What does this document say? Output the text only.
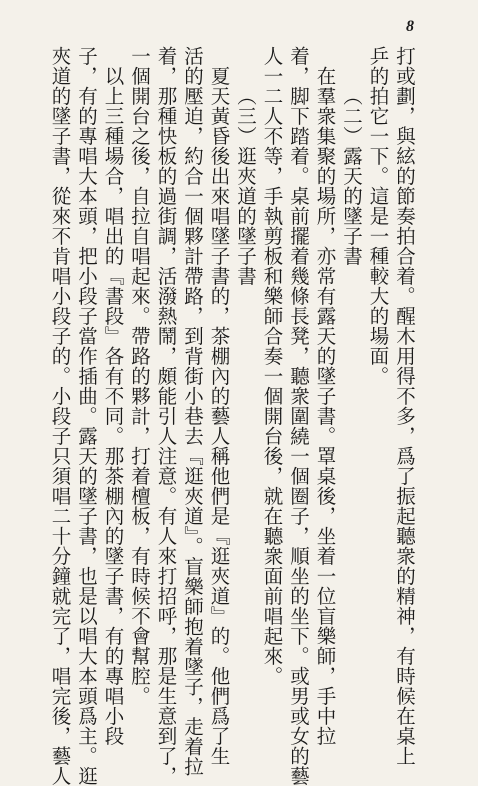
8
打或劃，與絃的節奏拍合着。醒木用得不多，爲了振起聽衆的精神，有時候在桌上
乒的拍它一下。這是一種較大的場面。
（二）露天的墜子書
在羣衆集聚的場所，亦常有露天的墜子書。罩桌後，坐着一位盲樂師，手中拉
着，脚下踏着。桌前擺着幾條長凳，聽衆圍繞一個圈子，順坐的坐下。或男或女的藝
人一二人不等，手執剪板和樂師合奏一個開台後，就在聽衆面前唱起來。
（三）逛夾道的墜子書
夏天黃昏後出來唱墜子書的，茶棚內的藝人稱他們是『逛夾道』的。他們爲了生
活的壓迫，約合一個夥計帶路，到背街小巷去『逛夾道』。盲樂師抱着墜子，走着拉
着，那種快板的過街調，活潑熱鬧，頗能引人注意。有人來打招呼，那是生意到了，
一個開台之後，自拉自唱起來。帶路的夥計，打着檀板，有時候不會幫腔。
以上三種場合，唱出的『書段』各有不同。那茶棚內的墜子書，有的專唱小段
子，有的專唱大本頭，把小段子當作插曲。露天的墜子書，也是以唱大本頭爲主。逛
夾道的墜子書，從來不肯唱小段子的。小段子只須唱二十分鐘就完了，唱完後，藝人
